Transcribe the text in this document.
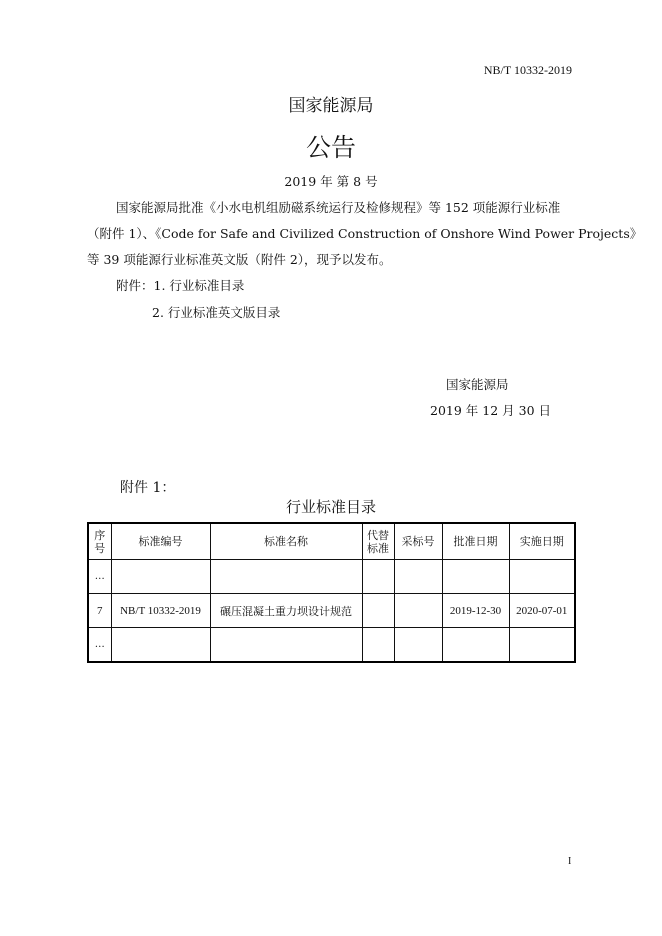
NB/T 10332-2019
国家能源局
公告
2019 年 第 8 号
国家能源局批准《小水电机组励磁系统运行及检修规程》等 152 项能源行业标准
（附件 1）、《Code for Safe and Civilized Construction of Onshore Wind Power Projects》
等 39 项能源行业标准英文版（附件 2），现予以发布。
附件：1. 行业标准目录
2. 行业标准英文版目录
国家能源局
2019 年 12 月 30 日
附件 1：
行业标准目录
序号	标准编号	标准名称	代替标准	采标号	批准日期	实施日期
…						
7	NB/T 10332-2019	碾压混凝土重力坝设计规范			2019-12-30	2020-07-01
…						
I
